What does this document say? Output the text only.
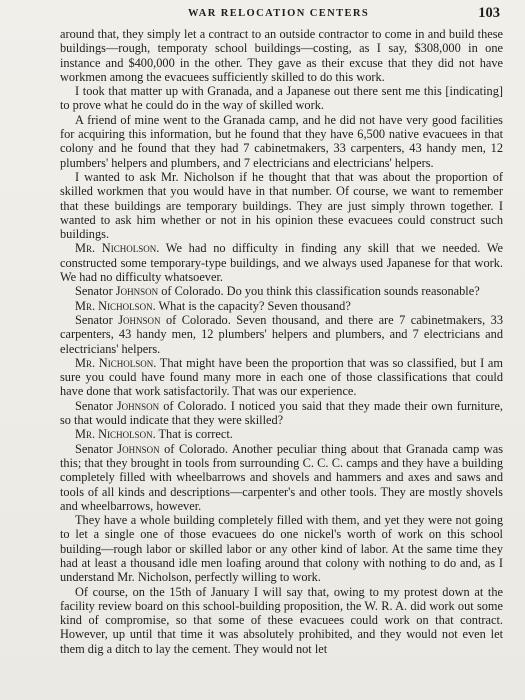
WAR RELOCATION CENTERS	103

around that, they simply let a contract to an outside contractor to come in and build these buildings—rough, temporaty school buildings—costing, as I say, $308,000 in one instance and $400,000 in the other. They gave as their excuse that they did not have workmen among the evacuees sufficiently skilled to do this work.

I took that matter up with Granada, and a Japanese out there sent me this [indicating] to prove what he could do in the way of skilled work.

A friend of mine went to the Granada camp, and he did not have very good facilities for acquiring this information, but he found that they have 6,500 native evacuees in that colony and he found that they had 7 cabinetmakers, 33 carpenters, 43 handy men, 12 plumbers' helpers and plumbers, and 7 electricians and electricians' helpers.

I wanted to ask Mr. Nicholson if he thought that that was about the proportion of skilled workmen that you would have in that number. Of course, we want to remember that these buildings are temporary buildings. They are just simply thrown together. I wanted to ask him whether or not in his opinion these evacuees could construct such buildings.

Mr. Nicholson. We had no difficulty in finding any skill that we needed. We constructed some temporary-type buildings, and we always used Japanese for that work. We had no difficulty whatsoever.

Senator Johnson of Colorado. Do you think this classification sounds reasonable?

Mr. Nicholson. What is the capacity? Seven thousand?

Senator Johnson of Colorado. Seven thousand, and there are 7 cabinetmakers, 33 carpenters, 43 handy men, 12 plumbers' helpers and plumbers, and 7 electricians and electricians' helpers.

Mr. Nicholson. That might have been the proportion that was so classified, but I am sure you could have found many more in each one of those classifications that could have done that work satisfactorily. That was our experience.

Senator Johnson of Colorado. I noticed you said that they made their own furniture, so that would indicate that they were skilled?

Mr. Nicholson. That is correct.

Senator Johnson of Colorado. Another peculiar thing about that Granada camp was this; that they brought in tools from surrounding C. C. C. camps and they have a building completely filled with wheelbarrows and shovels and hammers and axes and saws and tools of all kinds and descriptions—carpenter's and other tools. They are mostly shovels and wheelbarrows, however.

They have a whole building completely filled with them, and yet they were not going to let a single one of those evacuees do one nickel's worth of work on this school building—rough labor or skilled labor or any other kind of labor. At the same time they had at least a thousand idle men loafing around that colony with nothing to do and, as I understand Mr. Nicholson, perfectly willing to work.

Of course, on the 15th of January I will say that, owing to my protest down at the facility review board on this school-building proposition, the W. R. A. did work out some kind of compromise, so that some of these evacuees could work on that contract. However, up until that time it was absolutely prohibited, and they would not even let them dig a ditch to lay the cement. They would not let
